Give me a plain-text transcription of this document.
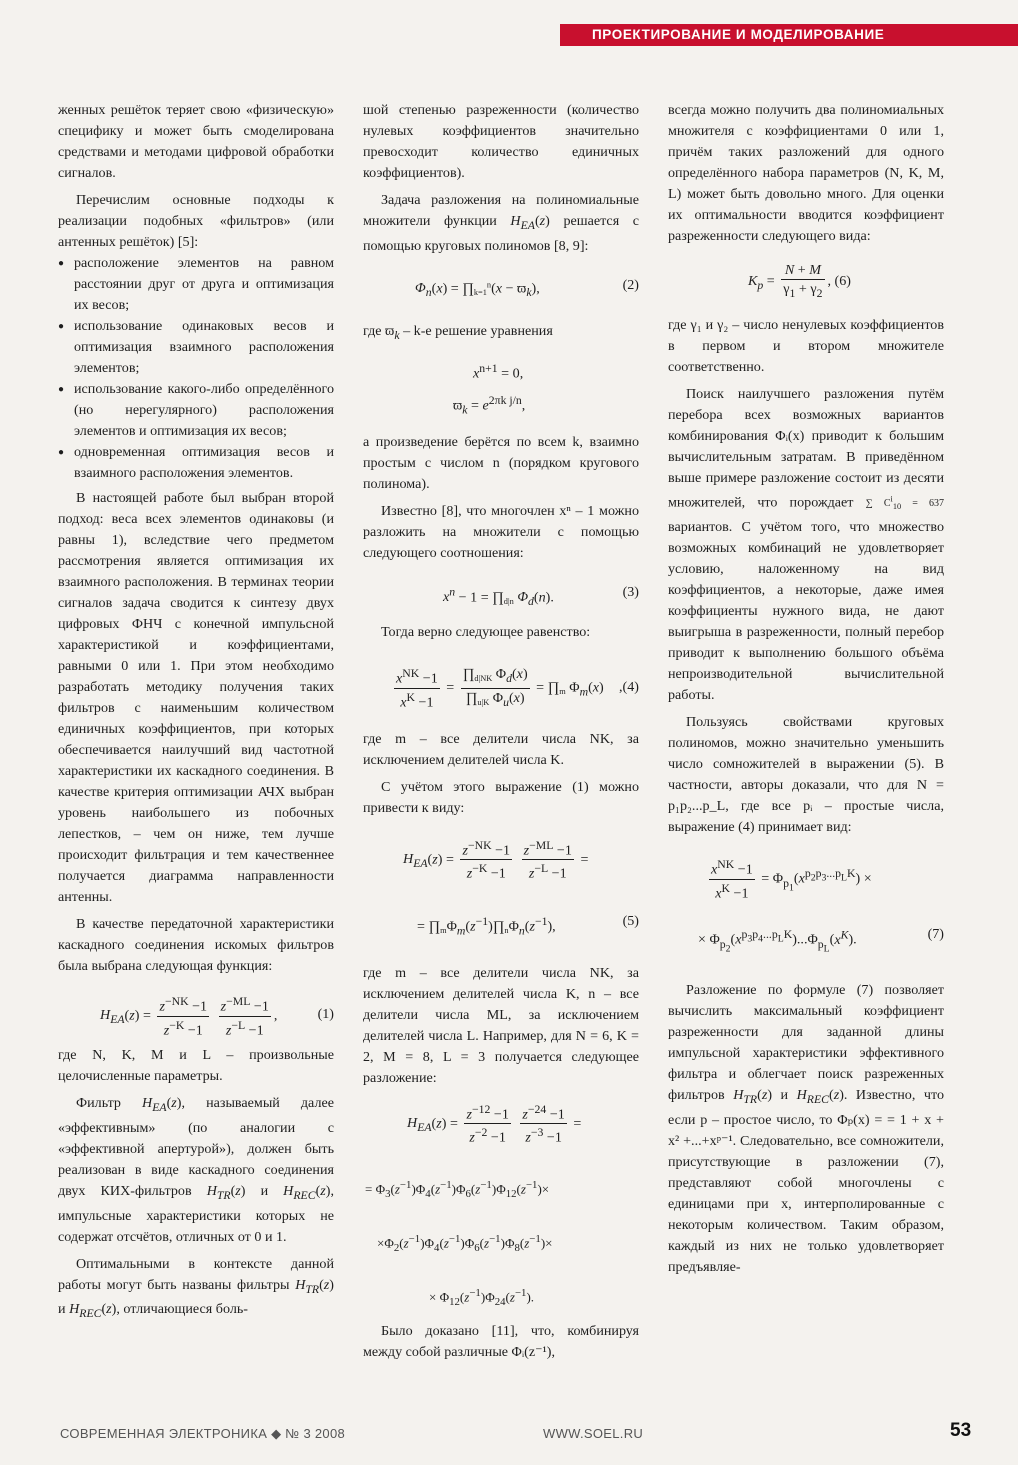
ПРОЕКТИРОВАНИЕ И МОДЕЛИРОВАНИЕ

женных решёток теряет свою «физическую» специфику и может быть смоделирована средствами и методами цифровой обработки сигналов.

Перечислим основные подходы к реализации подобных «фильтров» (или антенных решёток) [5]:

● расположение элементов на равном расстоянии друг от друга и оптимизация их весов;
● использование одинаковых весов и оптимизация взаимного расположения элементов;
● использование какого-либо определённого (но нерегулярного) расположения элементов и оптимизация их весов;
● одновременная оптимизация весов и взаимного расположения элементов.

В настоящей работе был выбран второй подход: веса всех элементов одинаковы (и равны 1), вследствие чего предметом рассмотрения является оптимизация их взаимного расположения. В терминах теории сигналов задача сводится к синтезу двух цифровых ФНЧ с конечной импульсной характеристикой и коэффициентами, равными 0 или 1. При этом необходимо разработать методику получения таких фильтров с наименьшим количеством единичных коэффициентов, при которых обеспечивается наилучший вид частотной характеристики их каскадного соединения. В качестве критерия оптимизации АЧХ выбран уровень наибольшего из побочных лепестков, – чем он ниже, тем лучше происходит фильтрация и тем качественнее получается диаграмма направленности антенны.

В качестве передаточной характеристики каскадного соединения искомых фильтров была выбрана следующая функция:

$H_{EA}(z) = \frac{z^{-NK} -1}{z^{-K} -1}$
$\frac{z^{-ML} -1}{z^{-L} -1}$ ,	(1)

где N, K, M и L – произвольные целочисленные параметры.

Фильтр $H_{EA}(z)$, называемый далее «эффективным» (по аналогии с «эффективной апертурой»), должен быть реализован в виде каскадного соединения двух КИХ-фильтров $H_{TR}(z)$ и $H_{REC}(z)$, импульсные характеристики которых не содержат отсчётов, отличных от 0 и 1.

Оптимальными в контексте данной работы могут быть названы фильтры $H_{TR}(z)$ и $H_{REC}(z)$, отличающиеся боль-

шой степенью разреженности (количество нулевых коэффициентов значительно превосходит количество единичных коэффициентов).

Задача разложения на полиномиальные множители функции $H_{EA}(z)$ решается с помощью круговых полиномов [8, 9]:

$\Phi_n(x)$ = $\prod_{k=1}^n(x - ϖ_k)$,	(2)

где $ϖ_k - k-е$ решение уравнения

$x^{n+1} = 0$,
$ϖ_k = e^{2\pi k j/n}$,

а произведение берётся по всем k, взаимно простым с числом n (порядком кругового полинома).

Известно [8], что многочлен xⁿ – 1 можно разложить на множители с помощью следующего соотношения:

$x^n - 1$ = $\prod_{d|n}$ $\Phi_d(n)$.	(3)

Тогда верно следующее равенство:

$\frac{x^{NK} -1}{x^K -1} = \frac{\prod_{d|NK} \Phi_d(x)}{\prod_{u|K} \Phi_u(x)}$ = $\prod_m$ $\Phi_m(x)$ ,(4)

где m – все делители числа NK, за исключением делителей числа K.

С учётом этого выражение (1) можно привести к виду:

$H_{EA}(z) = \frac{z^{-NK} -1}{z^{-K} -1}$
$\frac{z^{-ML} -1}{z^{-L} -1}$ =
= $\prod_m\Phi_m(z^{-1})\prod_n\Phi_n(z^{-1})$,	(5)

где m – все делители числа NK, за исключением делителей числа K, n – все делители числа ML, за исключением делителей числа L. Например, для N = 6, K = 2, M = 8, L = 3 получается следующее разложение:

$H_{EA}(z) = \frac{z^{-12} -1}{z^{-2} -1}$
$\frac{z^{-24} -1}{z^{-3} -1}$ =
= $\Phi_3(z^{-1})\Phi_4(z^{-1})\Phi_6(z^{-1})\Phi_{12}(z^{-1})\times$
$\times\Phi_2(z^{-1})\Phi_4(z^{-1})\Phi_6(z^{-1})\Phi_8(z^{-1})\times$
× $\Phi_{12}(z^{-1})\Phi_{24}(z^{-1})$.

Было доказано [11], что, комбинируя между собой различные Φᵢ(z⁻¹),

всегда можно получить два полиномиальных множителя с коэффициентами 0 или 1, причём таких разложений для одного определённого набора параметров (N, K, M, L) может быть довольно много. Для оценки их оптимальности вводится коэффициент разреженности следующего вида:

$K_p = \frac{N + M}{\gamma_1 + \gamma_2}$ , (6)

где γ₁ и γ₂ – число ненулевых коэффициентов в первом и втором множителе соответственно.

Поиск наилучшего разложения путём перебора всех возможных вариантов комбинирования Φᵢ(x) приводит к большим вычислительным затратам. В приведённом выше примере разложение состоит из десяти множителей, что порождает ∑ $C^i_{10} = 637$ вариантов. С учётом того, что множество возможных комбинаций не удовлетворяет условию, наложенному на вид коэффициентов, а некоторые, даже имея коэффициенты нужного вида, не дают выигрыша в разреженности, полный перебор приводит к выполнению большого объёма непроизводительной вычислительной работы.

Пользуясь свойствами круговых полиномов, можно значительно уменьшить число сомножителей в выражении (5). В частности, авторы доказали, что для N = p₁p₂...p_L, где все pᵢ – простые числа, выражение (4) принимает вид:

$\frac{x^{NK} -1}{x^K -1} = \Phi_{p_1}(x^{p_2p_3...p_LK})$ ×
× $\Phi_{p_2}(x^{p_3p_4...p_LK})...\Phi_{p_L}(x^K)$.	(7)

Разложение по формуле (7) позволяет вычислить максимальный коэффициент разреженности для заданной длины импульсной характеристики эффективного фильтра и облегчает поиск разреженных фильтров $H_{TR}(z)$ и $H_{REC}(z)$. Известно, что если p – простое число, то Φₚ(x) = = 1 + x + x² +...+xᵖ⁻¹. Следовательно, все сомножители, присутствующие в разложении (7), представляют собой многочлены с единицами при x, интерполированные с некоторым количеством. Таким образом, каждый из них не только удовлетворяет предъявляе-

СОВРЕМЕННАЯ ЭЛЕКТРОНИКА ◆ № 3 2008	WWW.SOEL.RU	53
